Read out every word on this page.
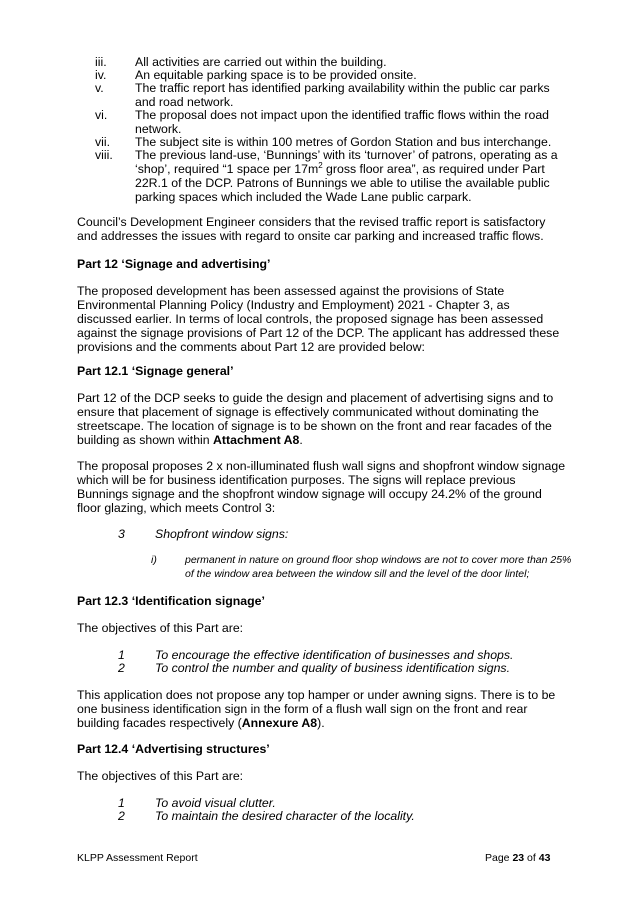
iii. All activities are carried out within the building.
iv. An equitable parking space is to be provided onsite.
v.	The traffic report has identified parking availability within the public car parks and road network.
vi. The proposal does not impact upon the identified traffic flows within the road network.
vii. The subject site is within 100 metres of Gordon Station and bus interchange.
viii. The previous land-use, ‘Bunnings’ with its ‘turnover’ of patrons, operating as a ‘shop’, required “1 space per $17m^2$ gross floor area”, as required under Part 22R.1 of the DCP. Patrons of Bunnings we able to utilise the available public parking spaces which included the Wade Lane public carpark.
Council’s Development Engineer considers that the revised traffic report is satisfactory and addresses the issues with regard to onsite car parking and increased traffic flows.
Part 12 ‘Signage and advertising’
The proposed development has been assessed against the provisions of State Environmental Planning Policy (Industry and Employment) 2021 - Chapter 3, as discussed earlier. In terms of local controls, the proposed signage has been assessed against the signage provisions of Part 12 of the DCP. The applicant has addressed these provisions and the comments about Part 12 are provided below:
Part 12.1 ‘Signage general’
Part 12 of the DCP seeks to guide the design and placement of advertising signs and to ensure that placement of signage is effectively communicated without dominating the streetscape. The location of signage is to be shown on the front and rear facades of the building as shown within Attachment A8.
The proposal proposes 2 x non-illuminated flush wall signs and shopfront window signage which will be for business identification purposes. The signs will replace previous Bunnings signage and the shopfront window signage will occupy 24.2% of the ground floor glazing, which meets Control 3:
3 Shopfront window signs:
i)	permanent in nature on ground floor shop windows are not to cover more than 25% of the window area between the window sill and the level of the door lintel;
Part 12.3 ‘Identification signage’
The objectives of this Part are:
1 To encourage the effective identification of businesses and shops.
2 To control the number and quality of business identification signs.
This application does not propose any top hamper or under awning signs. There is to be one business identification sign in the form of a flush wall sign on the front and rear building facades respectively (Annexure A8).
Part 12.4 ‘Advertising structures’
The objectives of this Part are:
1 To avoid visual clutter.
2 To maintain the desired character of the locality.
KLPP Assessment Report	Page 23 of 43
